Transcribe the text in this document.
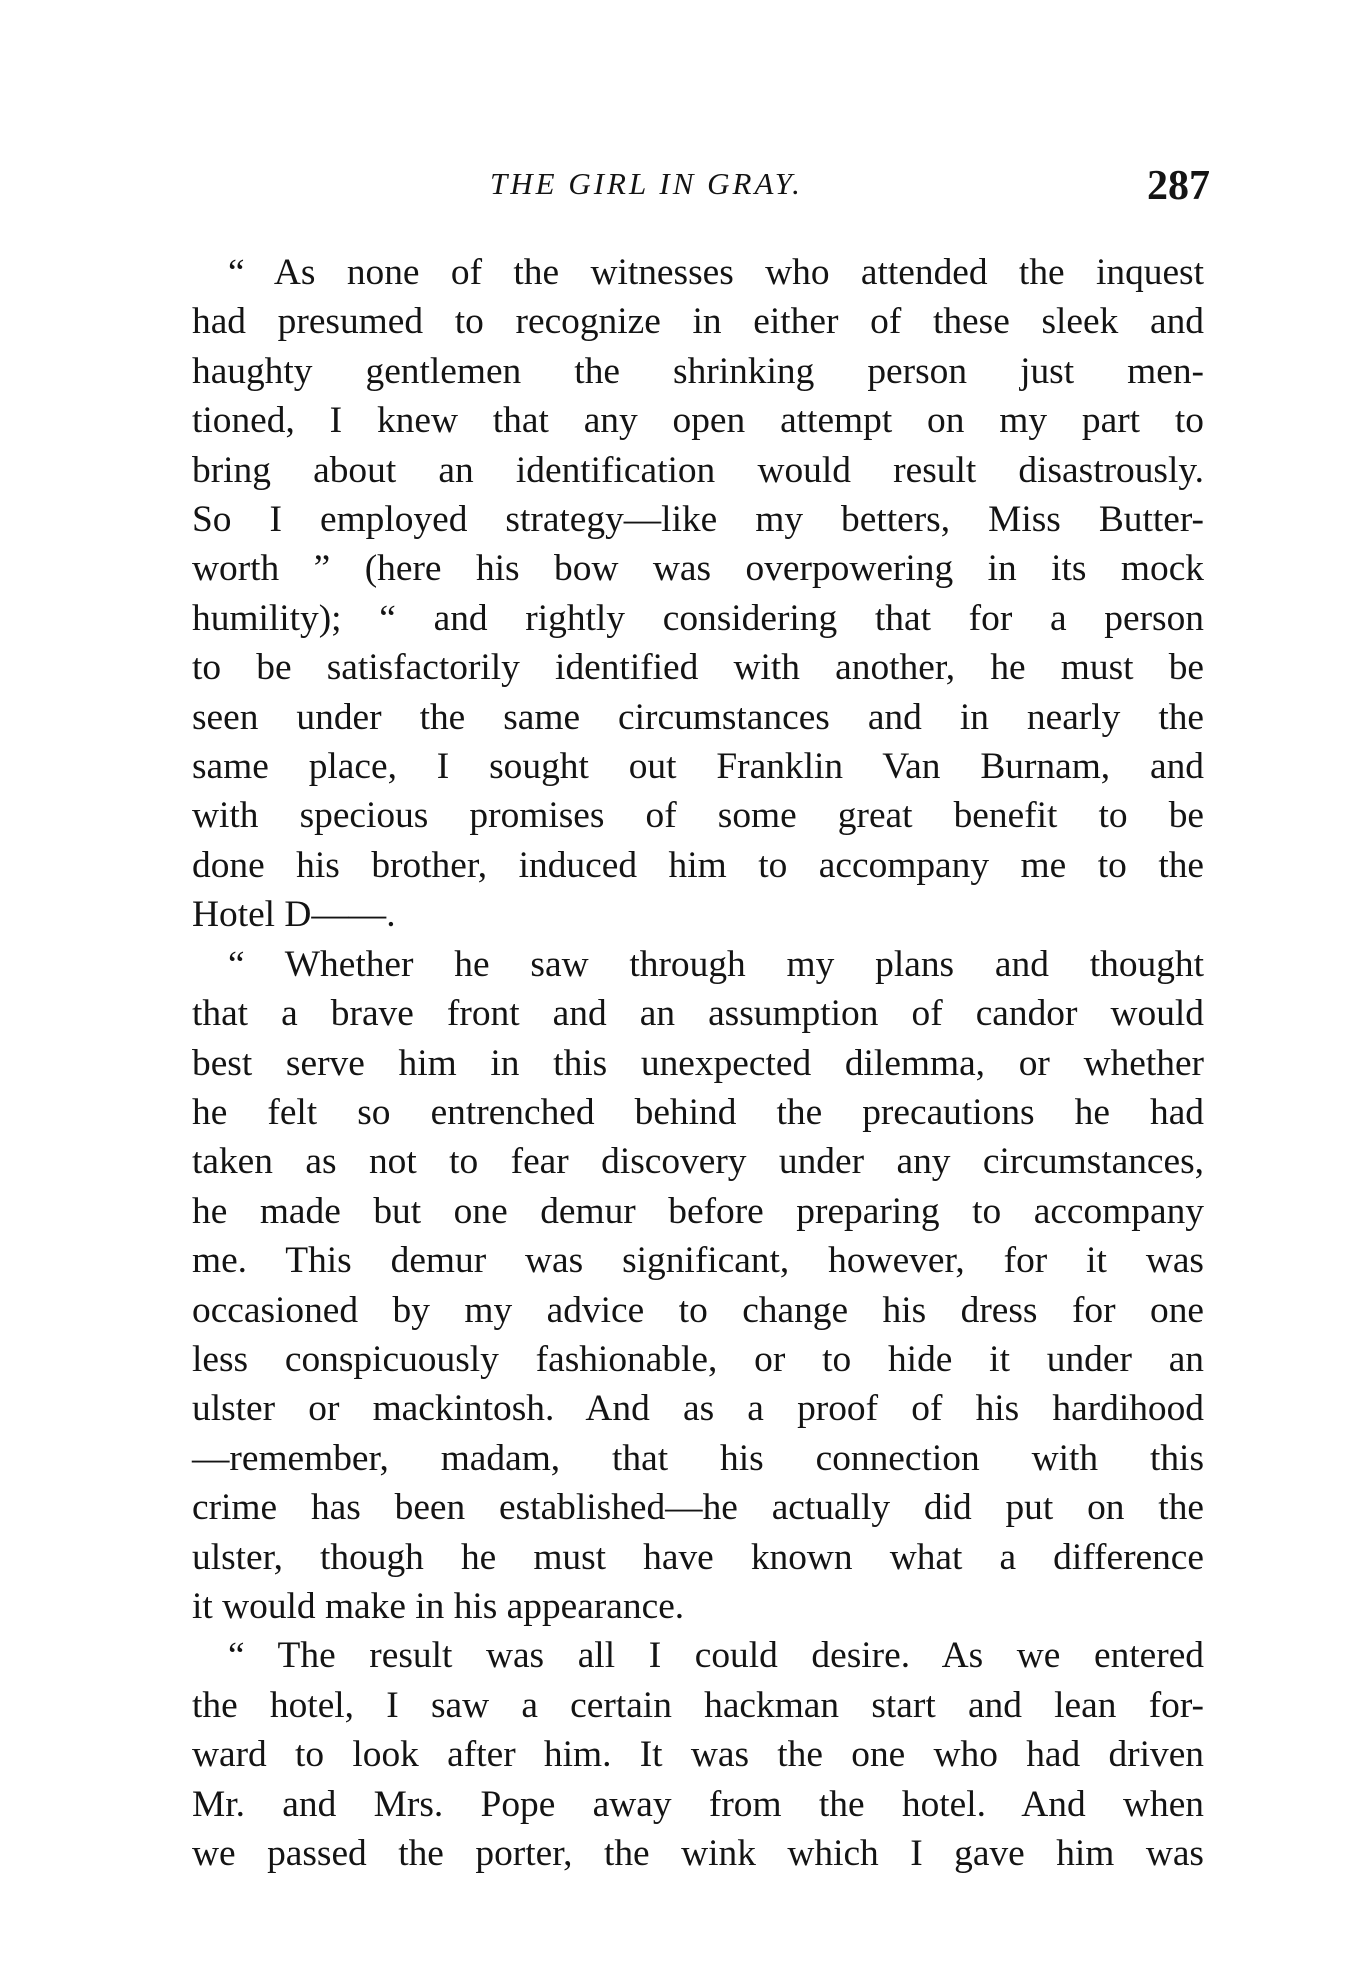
THE GIRL IN GRAY.	287
“ As none of the witnesses who attended the inquest
had presumed to recognize in either of these sleek and
haughty gentlemen the shrinking person just men-
tioned, I knew that any open attempt on my part to
bring about an identification would result disastrously.
So I employed strategy—like my betters, Miss Butter-
worth ” (here his bow was overpowering in its mock
humility); “ and rightly considering that for a person
to be satisfactorily identified with another, he must be
seen under the same circumstances and in nearly the
same place, I sought out Franklin Van Burnam, and
with specious promises of some great benefit to be
done his brother, induced him to accompany me to the
Hotel D——.
“ Whether he saw through my plans and thought
that a brave front and an assumption of candor would
best serve him in this unexpected dilemma, or whether
he felt so entrenched behind the precautions he had
taken as not to fear discovery under any circumstances,
he made but one demur before preparing to accompany
me. This demur was significant, however, for it was
occasioned by my advice to change his dress for one
less conspicuously fashionable, or to hide it under an
ulster or mackintosh. And as a proof of his hardihood
—remember, madam, that his connection with this
crime has been established—he actually did put on the
ulster, though he must have known what a difference
it would make in his appearance.
“ The result was all I could desire. As we entered
the hotel, I saw a certain hackman start and lean for-
ward to look after him. It was the one who had driven
Mr. and Mrs. Pope away from the hotel. And when
we passed the porter, the wink which I gave him was
